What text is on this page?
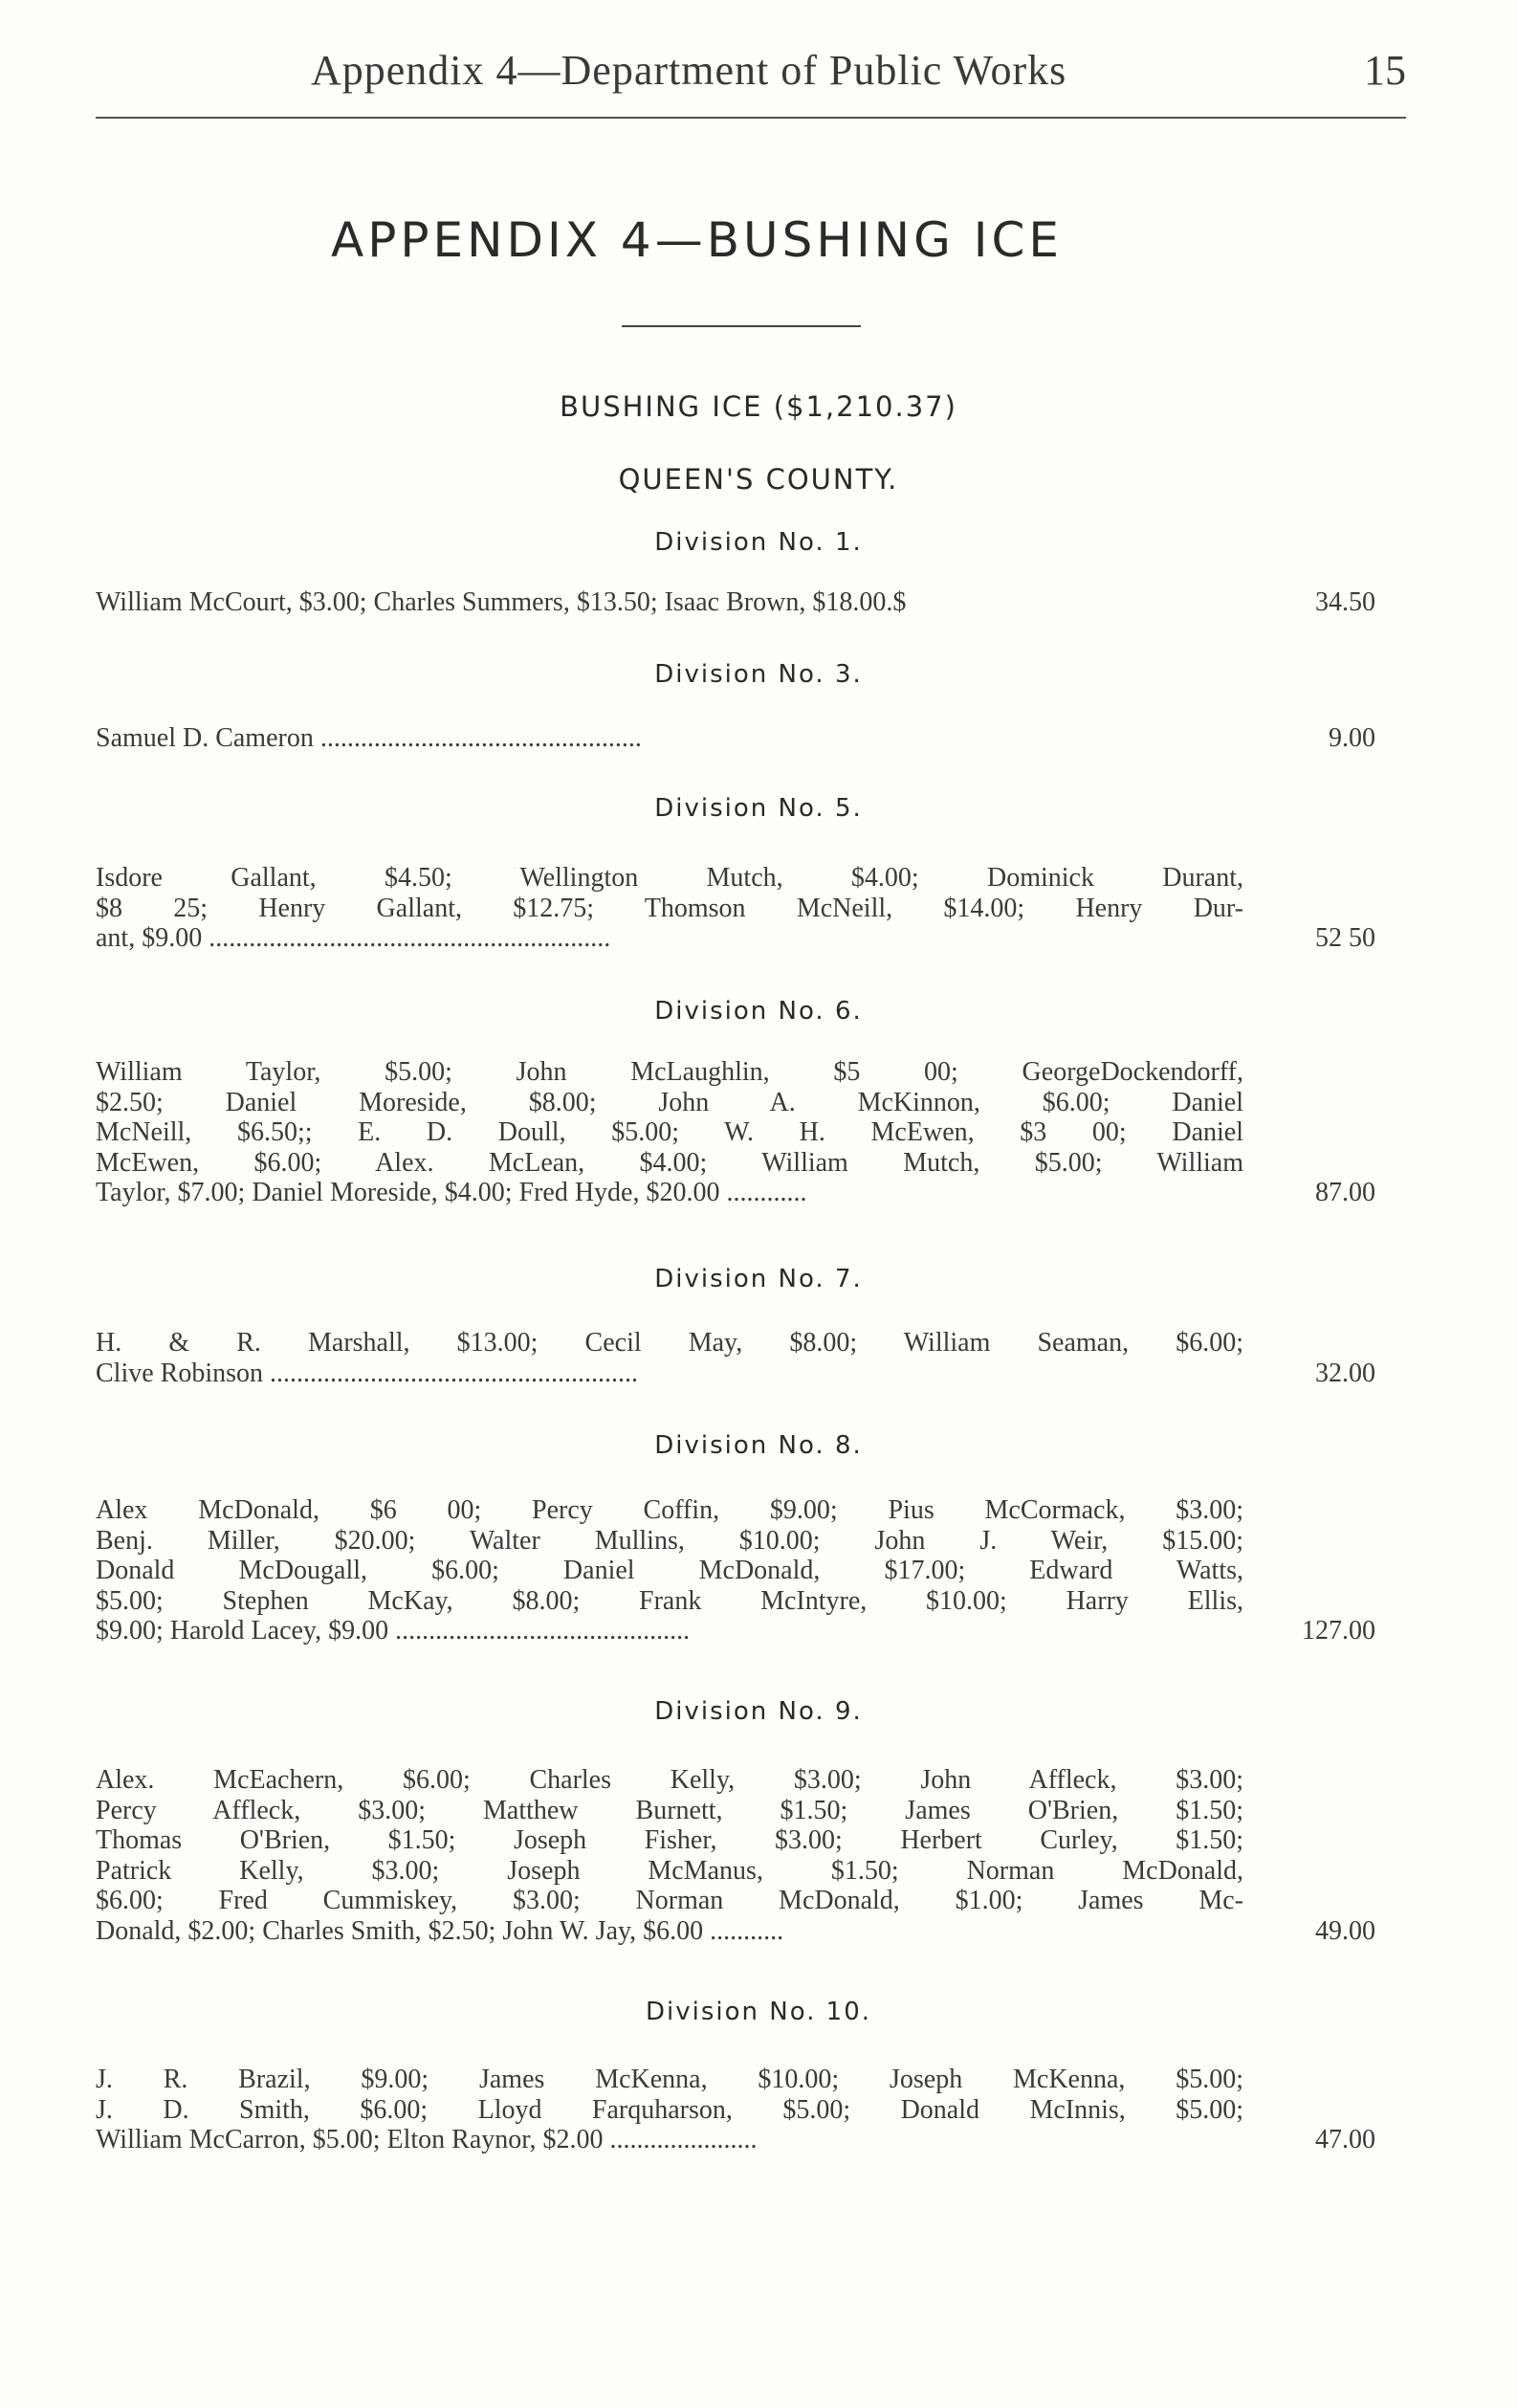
Appendix 4—Department of Public Works	15
APPENDIX 4—BUSHING ICE
BUSHING ICE ($1,210.37)
QUEEN'S COUNTY.
Division No. 1.
William McCourt, $3.00; Charles Summers, $13.50; Isaac Brown, $18.00.$	34.50
Division No. 3.
Samuel D. Cameron ................................................	9.00
Division No. 5.
Isdore Gallant, $4.50; Wellington Mutch, $4.00; Dominick Durant,
$8 25; Henry Gallant, $12.75; Thomson McNeill, $14.00; Henry Dur-
ant, $9.00 ............................................................	52 50
Division No. 6.
William Taylor, $5.00; John McLaughlin, $5 00; GeorgeDockendorff,
$2.50; Daniel Moreside, $8.00; John A. McKinnon, $6.00; Daniel
McNeill, $6.50;; E. D. Doull, $5.00; W. H. McEwen, $3 00; Daniel
McEwen, $6.00; Alex. McLean, $4.00; William Mutch, $5.00; William
Taylor, $7.00; Daniel Moreside, $4.00; Fred Hyde, $20.00 ............	87.00
Division No. 7.
H. & R. Marshall, $13.00; Cecil May, $8.00; William Seaman, $6.00;
Clive Robinson .......................................................	32.00
Division No. 8.
Alex McDonald, $6 00; Percy Coffin, $9.00; Pius McCormack, $3.00;
Benj. Miller, $20.00; Walter Mullins, $10.00; John J. Weir, $15.00;
Donald McDougall, $6.00; Daniel McDonald, $17.00; Edward Watts,
$5.00; Stephen McKay, $8.00; Frank McIntyre, $10.00; Harry Ellis,
$9.00; Harold Lacey, $9.00 ............................................	127.00
Division No. 9.
Alex. McEachern, $6.00; Charles Kelly, $3.00; John Affleck, $3.00;
Percy Affleck, $3.00; Matthew Burnett, $1.50; James O'Brien, $1.50;
Thomas O'Brien, $1.50; Joseph Fisher, $3.00; Herbert Curley, $1.50;
Patrick Kelly, $3.00; Joseph McManus, $1.50; Norman McDonald,
$6.00; Fred Cummiskey, $3.00; Norman McDonald, $1.00; James Mc-
Donald, $2.00; Charles Smith, $2.50; John W. Jay, $6.00 ...........	49.00
Division No. 10.
J. R. Brazil, $9.00; James McKenna, $10.00; Joseph McKenna, $5.00;
J. D. Smith, $6.00; Lloyd Farquharson, $5.00; Donald McInnis, $5.00;
William McCarron, $5.00; Elton Raynor, $2.00 ......................	47.00
